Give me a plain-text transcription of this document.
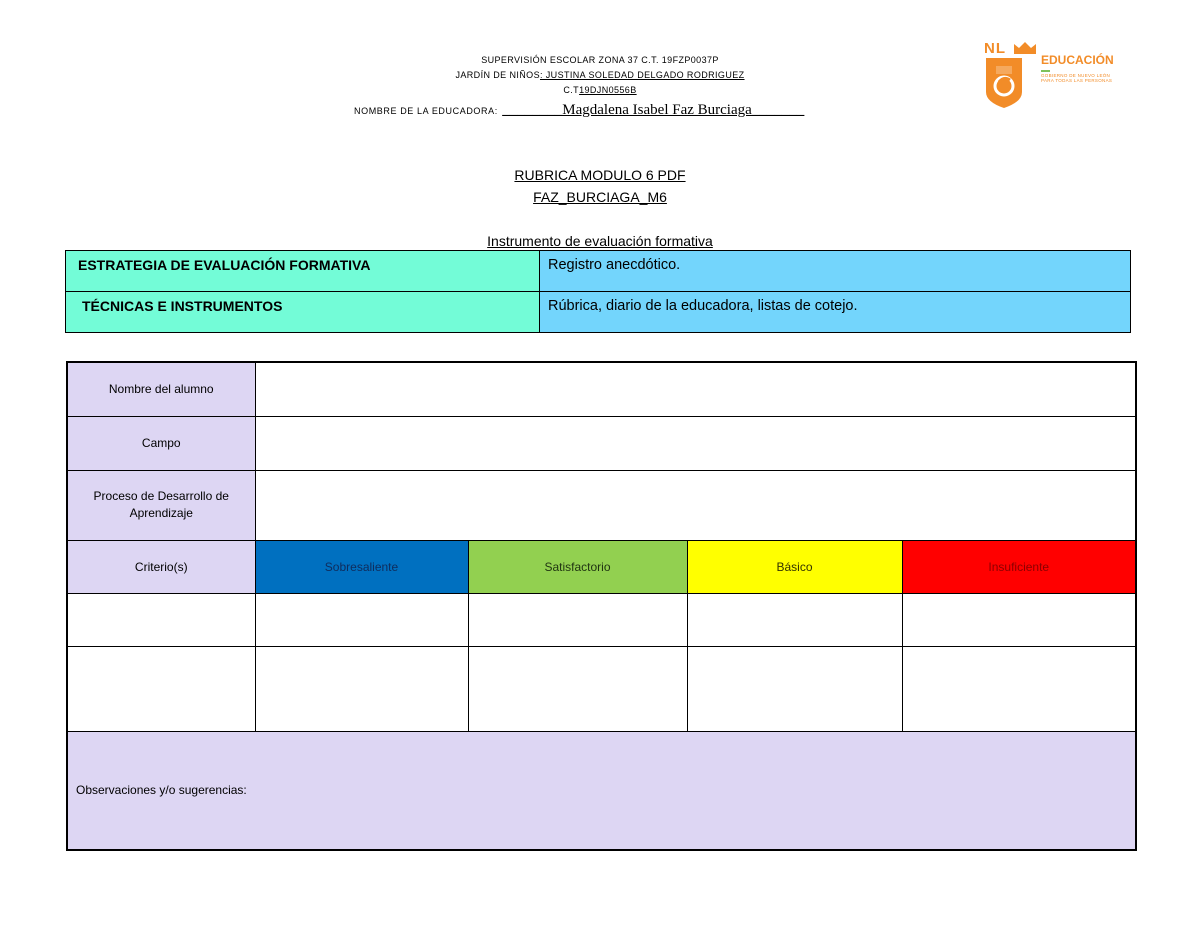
SUPERVISIÓN ESCOLAR ZONA 37 C.T. 19FZP0037P
JARDÍN DE NIÑOS: JUSTINA SOLEDAD DELGADO RODRIGUEZ
C.T19DJN0556B
NOMBRE DE LA EDUCADORA: ________Magdalena Isabel Faz Burciaga_______
NL
EDUCACIÓN
GOBIERNO DE NUEVO LEÓN PARA TODAS LAS PERSONAS
RUBRICA MODULO 6 PDF
FAZ_BURCIAGA_M6
Instrumento de evaluación formativa
ESTRATEGIA DE EVALUACIÓN FORMATIVA	Registro anecdótico.

TÉCNICAS E INSTRUMENTOS	Rúbrica, diario de la educadora, listas de cotejo.
Nombre del alumno				
Campo				

Proceso de Desarrollo de Aprendizaje				

Criterio(s)	Sobresaliente	Satisfactorio	Básico	Insuficiente

Observaciones y/o sugerencias:				
